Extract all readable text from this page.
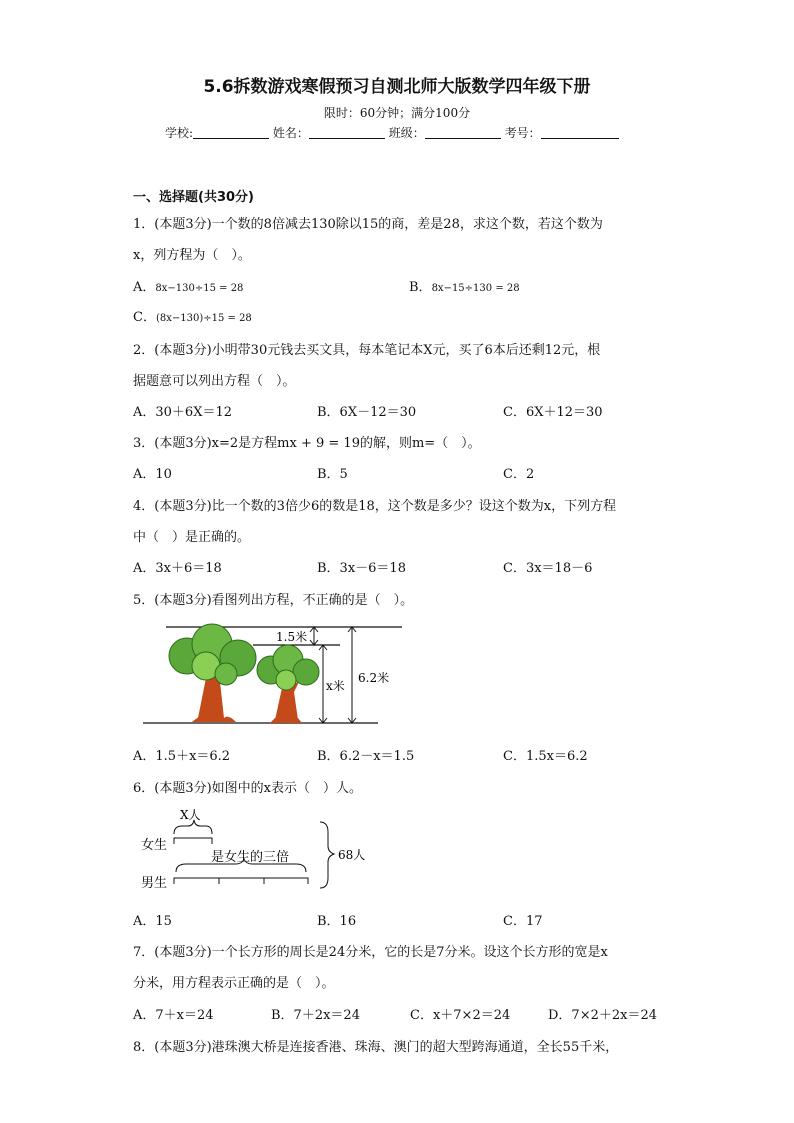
5.6拆数游戏寒假预习自测北师大版数学四年级下册
限时：60分钟；满分100分
学校:	姓名：	班级：	考号：
一、选择题(共30分)
1．(本题3分)一个数的8倍减去130除以15的商，差是28，求这个数，若这个数为
x，列方程为（　）。
A．8x−130÷15 = 28	B．8x−15÷130 = 28
C．(8x−130)÷15 = 28
2．(本题3分)小明带30元钱去买文具，每本笔记本X元，买了6本后还剩12元，根
据题意可以列出方程（　）。
A．30＋6X＝12	B．6X－12＝30	C．6X＋12＝30
3．(本题3分)x=2是方程mx + 9 = 19的解，则m=（　）。
A．10	B．5	C．2
4．(本题3分)比一个数的3倍少6的数是18，这个数是多少？设这个数为x，下列方程
中（　）是正确的。
A．3x＋6＝18	B．3x－6＝18	C．3x＝18－6
5．(本题3分)看图列出方程，不正确的是（　）。
1.5米
x米
6.2米
A．1.5＋x＝6.2	B．6.2－x＝1.5	C．1.5x＝6.2
6．(本题3分)如图中的x表示（　）人。
X人
女生
是女生的三倍
男生
68人
A．15	B．16	C．17
7．(本题3分)一个长方形的周长是24分米，它的长是7分米。设这个长方形的宽是x
分米，用方程表示正确的是（　）。
A．7＋x＝24	B．7＋2x＝24	C．x＋7×2＝24	D．7×2＋2x＝24
8．(本题3分)港珠澳大桥是连接香港、珠海、澳门的超大型跨海通道，全长55千米，
